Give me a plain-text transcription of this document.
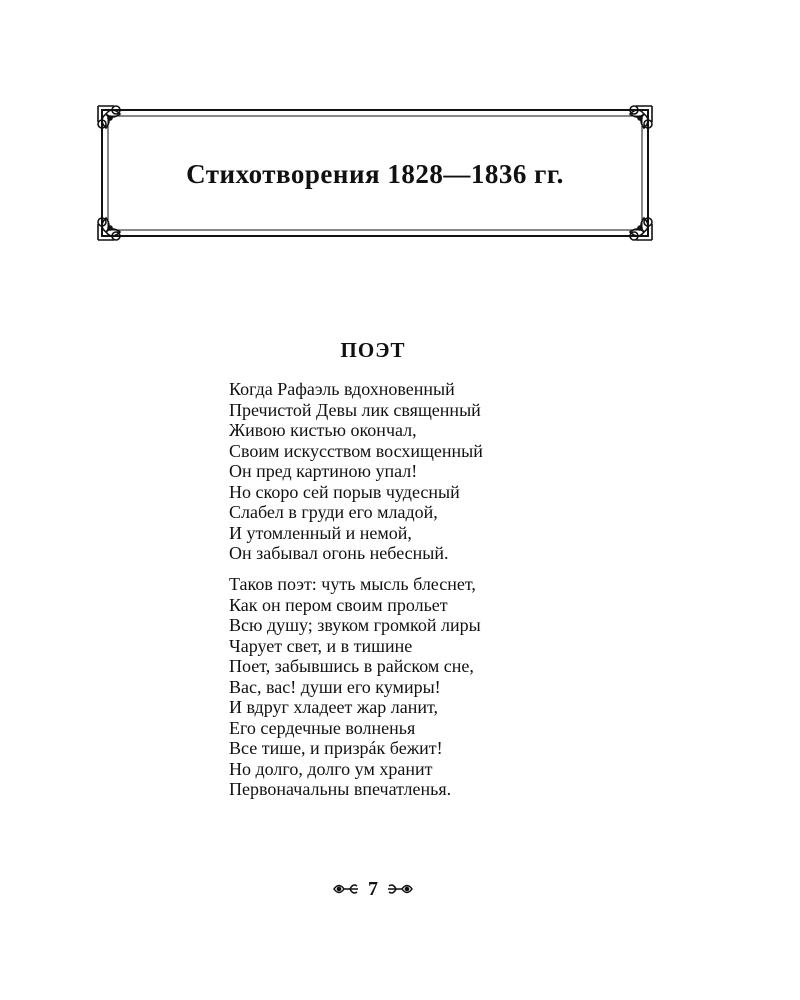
Стихотворения 1828—1836 гг.
ПОЭТ
Когда Рафаэль вдохновенный
Пречистой Девы лик священный
Живою кистью окончал,
Своим искусством восхищенный
Он пред картиною упал!
Но скоро сей порыв чудесный
Слабел в груди его младой,
И утомленный и немой,
Он забывал огонь небесный.
Таков поэт: чуть мысль блеснет,
Как он пером своим прольет
Всю душу; звуком громкой лиры
Чарует свет, и в тишине
Поет, забывшись в райском сне,
Вас, вас! души его кумиры!
И вдруг хладеет жар ланит,
Его сердечные волненья
Все тише, и призрáк бежит!
Но долго, долго ум хранит
Первоначальны впечатленья.
7
